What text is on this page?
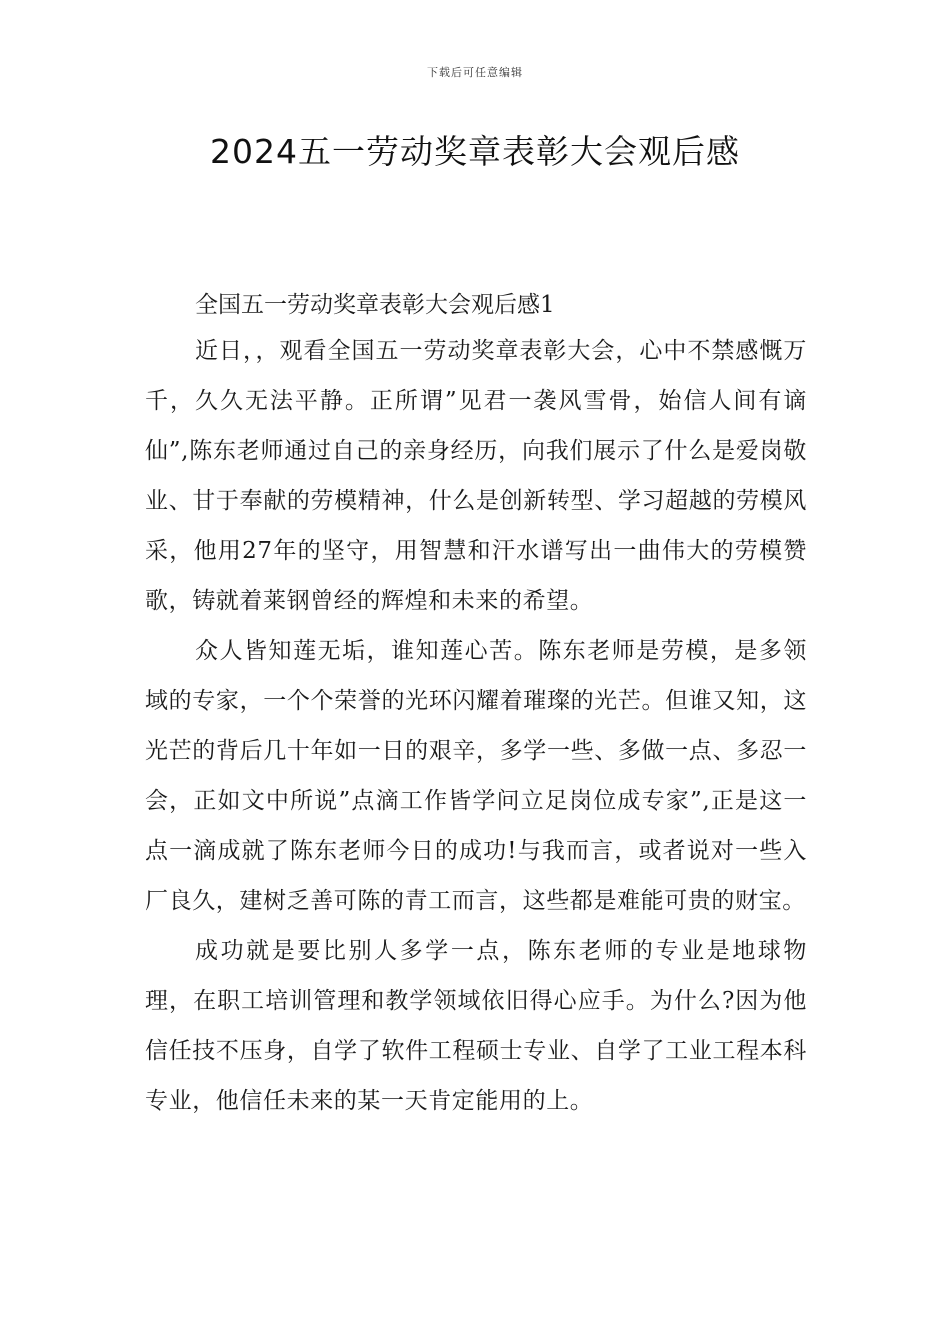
下载后可任意编辑
2024五一劳动奖章表彰大会观后感

全国五一劳动奖章表彰大会观后感1

近日，，观看全国五一劳动奖章表彰大会，心中不禁感慨万千，久久无法平静。正所谓”见君一袭风雪骨，始信人间有谪仙”,陈东老师通过自己的亲身经历，向我们展示了什么是爱岗敬业、甘于奉献的劳模精神，什么是创新转型、学习超越的劳模风采，他用27年的坚守，用智慧和汗水谱写出一曲伟大的劳模赞歌，铸就着莱钢曾经的辉煌和未来的希望。

众人皆知莲无垢，谁知莲心苦。陈东老师是劳模，是多领域的专家，一个个荣誉的光环闪耀着璀璨的光芒。但谁又知，这光芒的背后几十年如一日的艰辛，多学一些、多做一点、多忍一会，正如文中所说”点滴工作皆学问立足岗位成专家”,正是这一点一滴成就了陈东老师今日的成功!与我而言，或者说对一些入厂良久，建树乏善可陈的青工而言，这些都是难能可贵的财宝。

成功就是要比别人多学一点，陈东老师的专业是地球物理，在职工培训管理和教学领域依旧得心应手。为什么?因为他信任技不压身，自学了软件工程硕士专业、自学了工业工程本科专业，他信任未来的某一天肯定能用的上。
